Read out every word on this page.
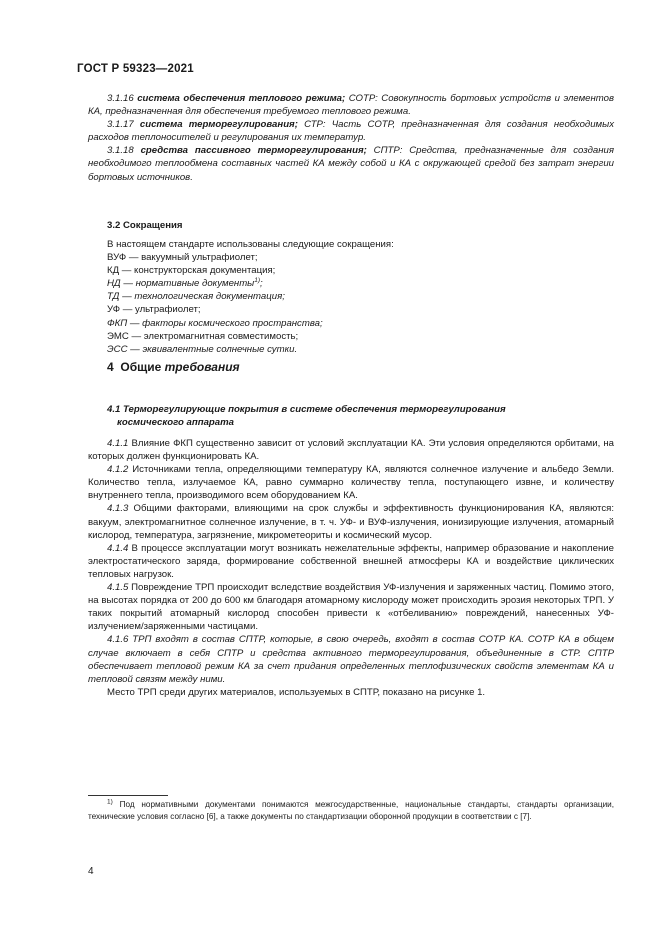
ГОСТ Р 59323—2021

3.1.16 система обеспечения теплового режима; СОТР: Совокупность бортовых устройств и элементов КА, предназначенная для обеспечения требуемого теплового режима.

3.1.17 система терморегулирования; СТР: Часть СОТР, предназначенная для создания необходимых расходов теплоносителей и регулирования их температур.

3.1.18 средства пассивного терморегулирования; СПТР: Средства, предназначенные для создания необходимого теплообмена составных частей КА между собой и КА с окружающей средой без затрат энергии бортовых источников.

3.2 Сокращения

В настоящем стандарте использованы следующие сокращения:

ВУФ — вакуумный ультрафиолет;

КД — конструкторская документация;

НД — нормативные документы$^{1)}$;

ТД — технологическая документация;

УФ — ультрафиолет;

ФКП — факторы космического пространства;

ЭМС — электромагнитная совместимость;

ЭСС — эквивалентные солнечные сутки.

4 Общие требования
4.1 Терморегулирующие покрытия в системе обеспечения терморегулирования
космического аппарата

4.1.1 Влияние ФКП существенно зависит от условий эксплуатации КА. Эти условия определяются орбитами, на которых должен функционировать КА.

4.1.2 Источниками тепла, определяющими температуру КА, являются солнечное излучение и альбедо Земли. Количество тепла, излучаемое КА, равно суммарно количеству тепла, поступающего извне, и количеству внутреннего тепла, производимого всем оборудованием КА.

4.1.3 Общими факторами, влияющими на срок службы и эффективность функционирования КА, являются: вакуум, электромагнитное солнечное излучение, в т. ч. УФ- и ВУФ-излучения, ионизирующие излучения, атомарный кислород, температура, загрязнение, микрометеориты и космический мусор.

4.1.4 В процессе эксплуатации могут возникать нежелательные эффекты, например образование и накопление электростатического заряда, формирование собственной внешней атмосферы КА и воздействие циклических тепловых нагрузок.

4.1.5 Повреждение ТРП происходит вследствие воздействия УФ-излучения и заряженных частиц. Помимо этого, на высотах порядка от 200 до 600 км благодаря атомарному кислороду может происходить эрозия некоторых ТРП. У таких покрытий атомарный кислород способен привести к «отбеливанию» повреждений, нанесенных УФ-излучением/заряженными частицами.

4.1.6 ТРП входят в состав СПТР, которые, в свою очередь, входят в состав СОТР КА. СОТР КА в общем случае включает в себя СПТР и средства активного терморегулирования, объединенные в СТР. СПТР обеспечивает тепловой режим КА за счет придания определенных теплофизических свойств элементам КА и тепловой связям между ними.

Место ТРП среди других материалов, используемых в СПТР, показано на рисунке 1.

$^{1)}$ Под нормативными документами понимаются межгосударственные, национальные стандарты, стандарты организации, технические условия согласно [6], а также документы по стандартизации оборонной продукции в соответствии с [7].

4
